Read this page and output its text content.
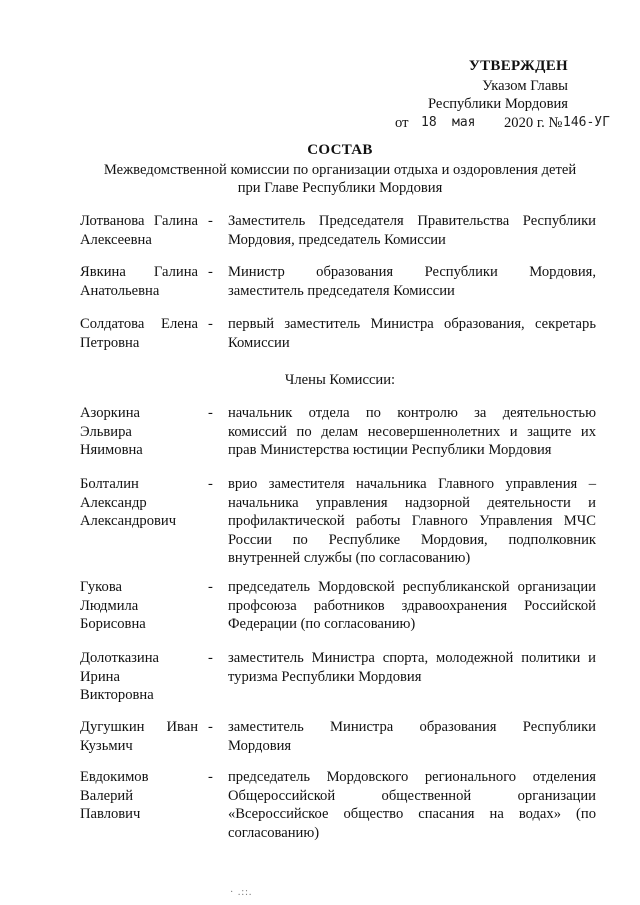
УТВЕРЖДЕН
Указом Главы
Республики Мордовия
от 18 мая 2020 г. № 146-УГ
СОСТАВ
Межведомственной комиссии по организации отдыха и оздоровления детей
при Главе Республики Мордовия
Лотванова Галина
Алексеевна
- Заместитель Председателя Правительства Республики
Мордовия, председатель Комиссии
Явкина Галина
Анатольевна
- Министр образования Республики Мордовия,
заместитель председателя Комиссии
Солдатова Елена
Петровна
- первый заместитель Министра образования, секретарь
Комиссии
Члены Комиссии:
Азоркина
Эльвира
Няимовна
- начальник отдела по контролю за деятельностью
комиссий по делам несовершеннолетних и защите их
прав Министерства юстиции Республики Мордовия
Болталин
Александр
Александрович
- врио заместителя начальника Главного управления –
начальника управления надзорной деятельности и
профилактической работы Главного Управления МЧС
России по Республике Мордовия, подполковник
внутренней службы (по согласованию)
Гукова
Людмила
Борисовна
- председатель Мордовской республиканской организации
профсоюза работников здравоохранения Российской
Федерации (по согласованию)
Долотказина
Ирина
Викторовна
- заместитель Министра спорта, молодежной политики и
туризма Республики Мордовия
Дугушкин Иван
Кузьмич
- заместитель Министра образования Республики
Мордовия
Евдокимов
Валерий
Павлович
- председатель Мордовского регионального отделения
Общероссийской общественной организации
«Всероссийское общество спасания на водах» (по
согласованию)
· .::.
